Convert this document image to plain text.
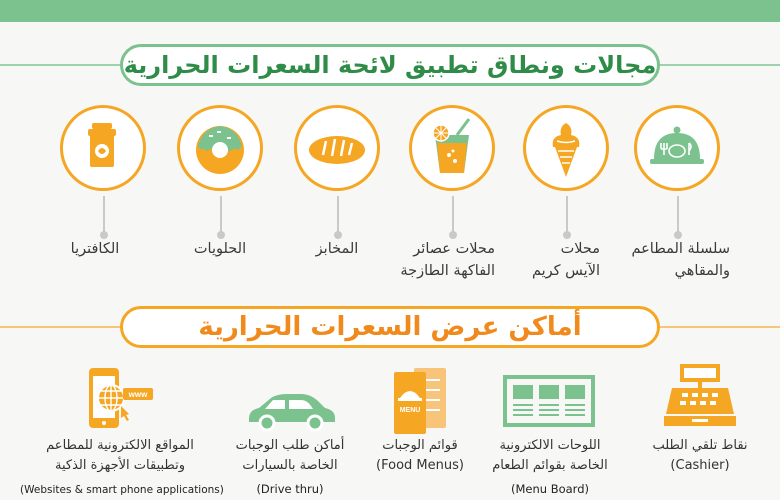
مجالات ونطاق تطبيق لائحة السعرات الحرارية
الكافتريا	الحلويات	المخابز	محلات عصائر
الفاكهة الطازجة
محلات
الآيس كريم
سلسلة المطاعم
والمقاهي
أماكن عرض السعرات الحرارية
www
MENU
المواقع الالكترونية للمطاعم
وتطبيقات الأجهزة الذكية
(Websites & smart phone applications)
أماكن طلب الوجبات
الخاصة بالسيارات
(Drive thru)
قوائم الوجبات
(Food Menus)
اللوحات الالكترونية
الخاصة بقوائم الطعام
(Menu Board)
نقاط تلقي الطلب
(Cashier)
